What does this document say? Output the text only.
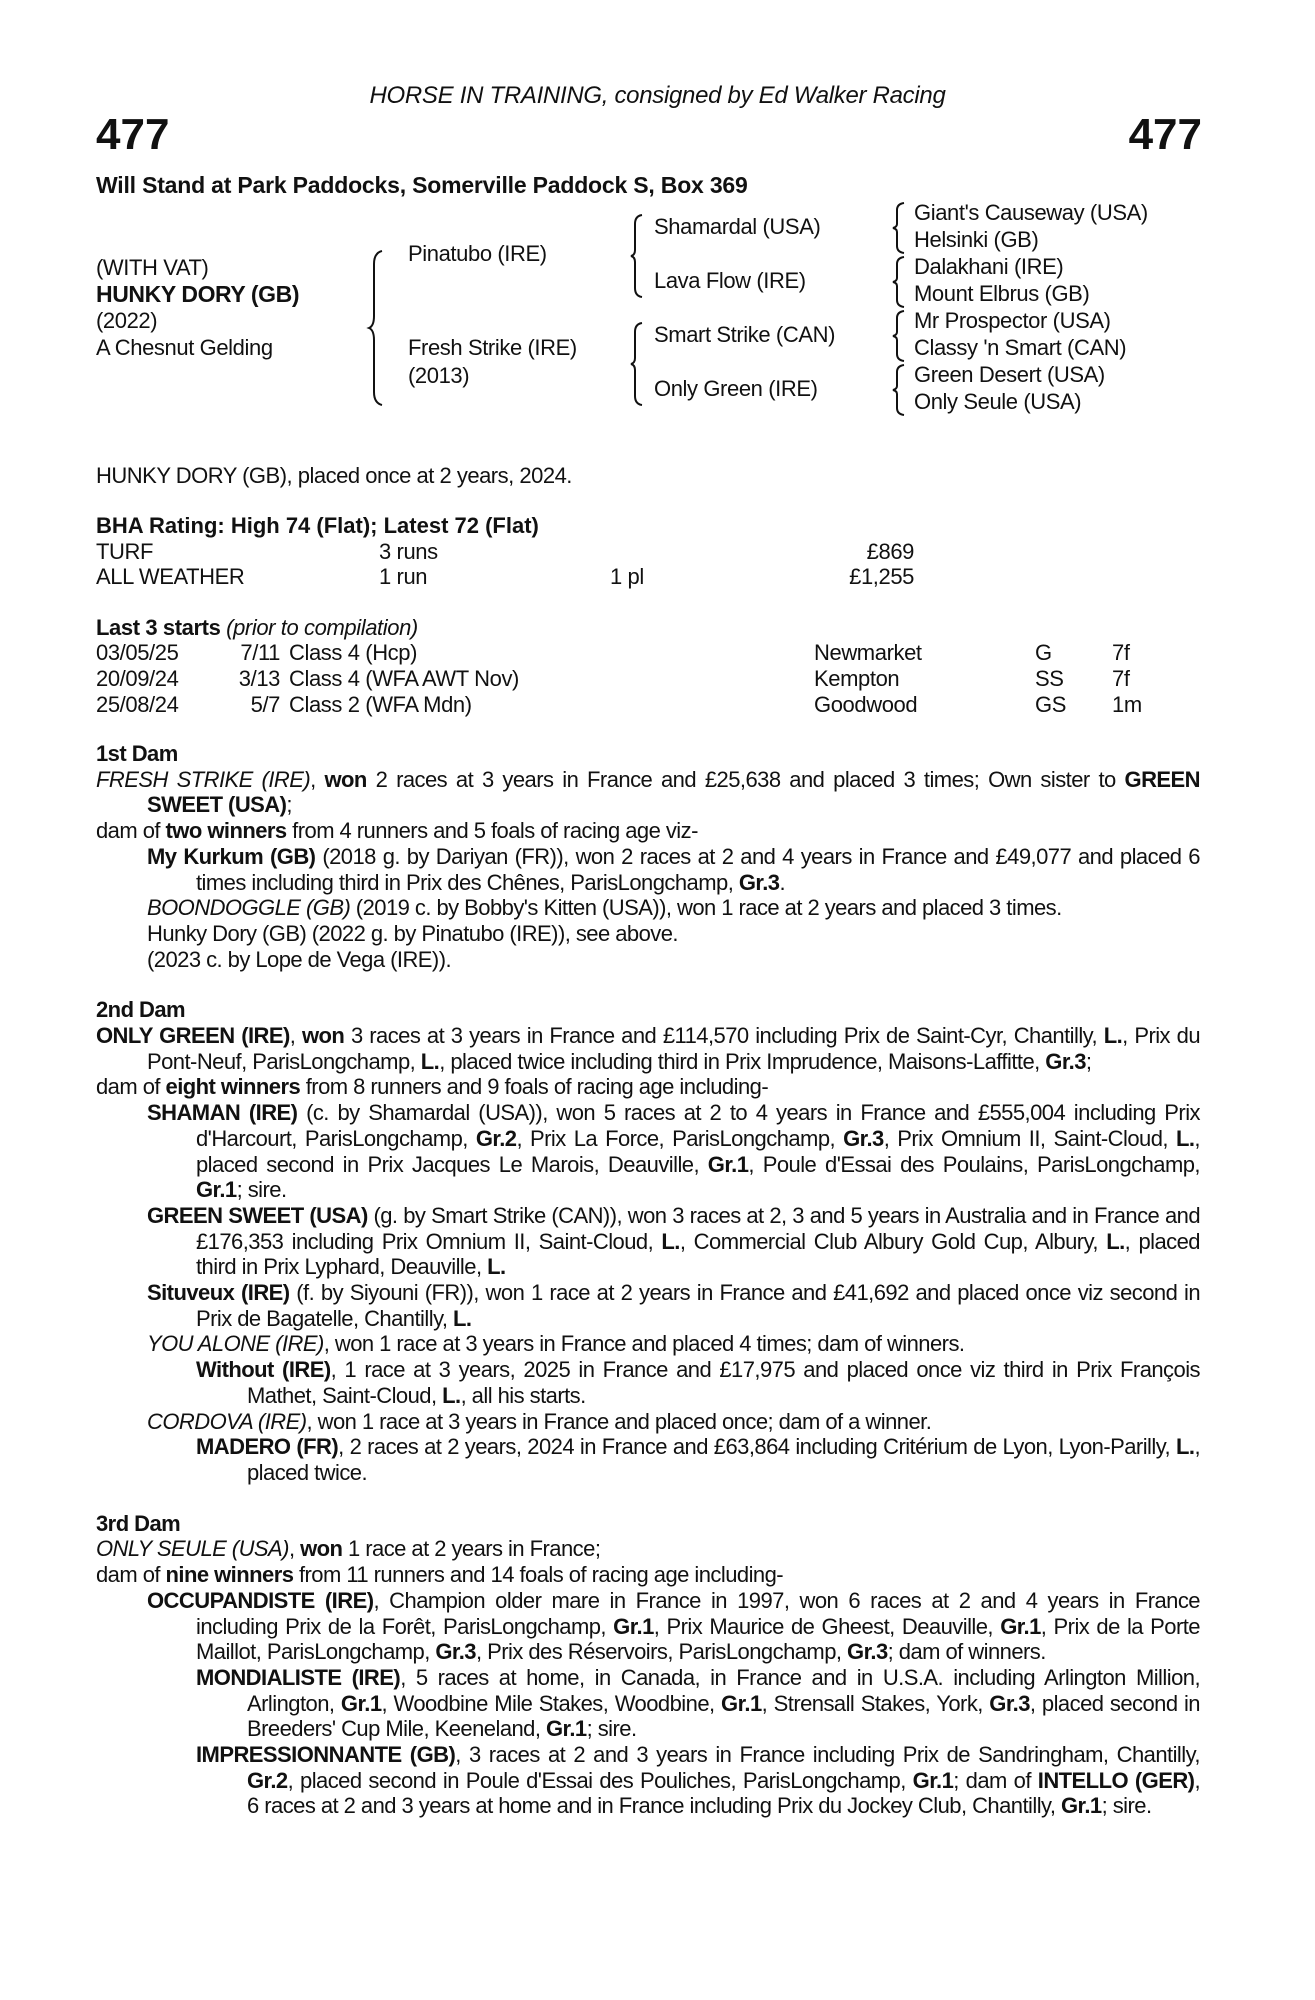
HORSE IN TRAINING, consigned by Ed Walker Racing
477	477
Will Stand at Park Paddocks, Somerville Paddock S, Box 369
(WITH VAT)
HUNKY DORY (GB)
(2022)
A Chesnut Gelding
Pinatubo (IRE)
Fresh Strike (IRE)
(2013)
Shamardal (USA)
Lava Flow (IRE)
Smart Strike (CAN)
Only Green (IRE)
Giant's Causeway (USA)
Helsinki (GB)
Dalakhani (IRE)
Mount Elbrus (GB)
Mr Prospector (USA)
Classy 'n Smart (CAN)
Green Desert (USA)
Only Seule (USA)
HUNKY DORY (GB), placed once at 2 years, 2024.
BHA Rating: High 74 (Flat); Latest 72 (Flat)
TURF	3 runs	£869
ALL WEATHER	1 run	1 pl	£1,255
Last 3 starts (prior to compilation)
03/05/25	7/11 Class 4 (Hcp)	Newmarket	G	7f
20/09/24	3/13 Class 4 (WFA AWT Nov)	Kempton	SS 7f
25/08/24	5/7 Class 2 (WFA Mdn)	Goodwood	GS 1m
1st Dam
FRESH STRIKE (IRE), won 2 races at 3 years in France and £25,638 and placed 3 times; Own sister to GREEN SWEET (USA);
dam of two winners from 4 runners and 5 foals of racing age viz-
My Kurkum (GB) (2018 g. by Dariyan (FR)), won 2 races at 2 and 4 years in France and £49,077 and placed 6 times including third in Prix des Chênes, ParisLongchamp, Gr.3.
BOONDOGGLE (GB) (2019 c. by Bobby's Kitten (USA)), won 1 race at 2 years and placed 3 times.
Hunky Dory (GB) (2022 g. by Pinatubo (IRE)), see above.
(2023 c. by Lope de Vega (IRE)).
2nd Dam
ONLY GREEN (IRE), won 3 races at 3 years in France and £114,570 including Prix de Saint-Cyr, Chantilly, L., Prix du Pont-Neuf, ParisLongchamp, L., placed twice including third in Prix Imprudence, Maisons-Laffitte, Gr.3;
dam of eight winners from 8 runners and 9 foals of racing age including-
SHAMAN (IRE) (c. by Shamardal (USA)), won 5 races at 2 to 4 years in France and £555,004 including Prix d'Harcourt, ParisLongchamp, Gr.2, Prix La Force, ParisLongchamp, Gr.3, Prix Omnium II, Saint-Cloud, L., placed second in Prix Jacques Le Marois, Deauville, Gr.1, Poule d'Essai des Poulains, ParisLongchamp, Gr.1; sire.
GREEN SWEET (USA) (g. by Smart Strike (CAN)), won 3 races at 2, 3 and 5 years in Australia and in France and £176,353 including Prix Omnium II, Saint-Cloud, L., Commercial Club Albury Gold Cup, Albury, L., placed third in Prix Lyphard, Deauville, L.
Situveux (IRE) (f. by Siyouni (FR)), won 1 race at 2 years in France and £41,692 and placed once viz second in Prix de Bagatelle, Chantilly, L.
YOU ALONE (IRE), won 1 race at 3 years in France and placed 4 times; dam of winners.
Without (IRE), 1 race at 3 years, 2025 in France and £17,975 and placed once viz third in Prix François Mathet, Saint-Cloud, L., all his starts.
CORDOVA (IRE), won 1 race at 3 years in France and placed once; dam of a winner.
MADERO (FR), 2 races at 2 years, 2024 in France and £63,864 including Critérium de Lyon, Lyon-Parilly, L., placed twice.
3rd Dam
ONLY SEULE (USA), won 1 race at 2 years in France;
dam of nine winners from 11 runners and 14 foals of racing age including-
OCCUPANDISTE (IRE), Champion older mare in France in 1997, won 6 races at 2 and 4 years in France including Prix de la Forêt, ParisLongchamp, Gr.1, Prix Maurice de Gheest, Deauville, Gr.1, Prix de la Porte Maillot, ParisLongchamp, Gr.3, Prix des Réservoirs, ParisLongchamp, Gr.3; dam of winners.
MONDIALISTE (IRE), 5 races at home, in Canada, in France and in U.S.A. including Arlington Million, Arlington, Gr.1, Woodbine Mile Stakes, Woodbine, Gr.1, Strensall Stakes, York, Gr.3, placed second in Breeders' Cup Mile, Keeneland, Gr.1; sire.
IMPRESSIONNANTE (GB), 3 races at 2 and 3 years in France including Prix de Sandringham, Chantilly, Gr.2, placed second in Poule d'Essai des Pouliches, ParisLongchamp, Gr.1; dam of INTELLO (GER), 6 races at 2 and 3 years at home and in France including Prix du Jockey Club, Chantilly, Gr.1; sire.
